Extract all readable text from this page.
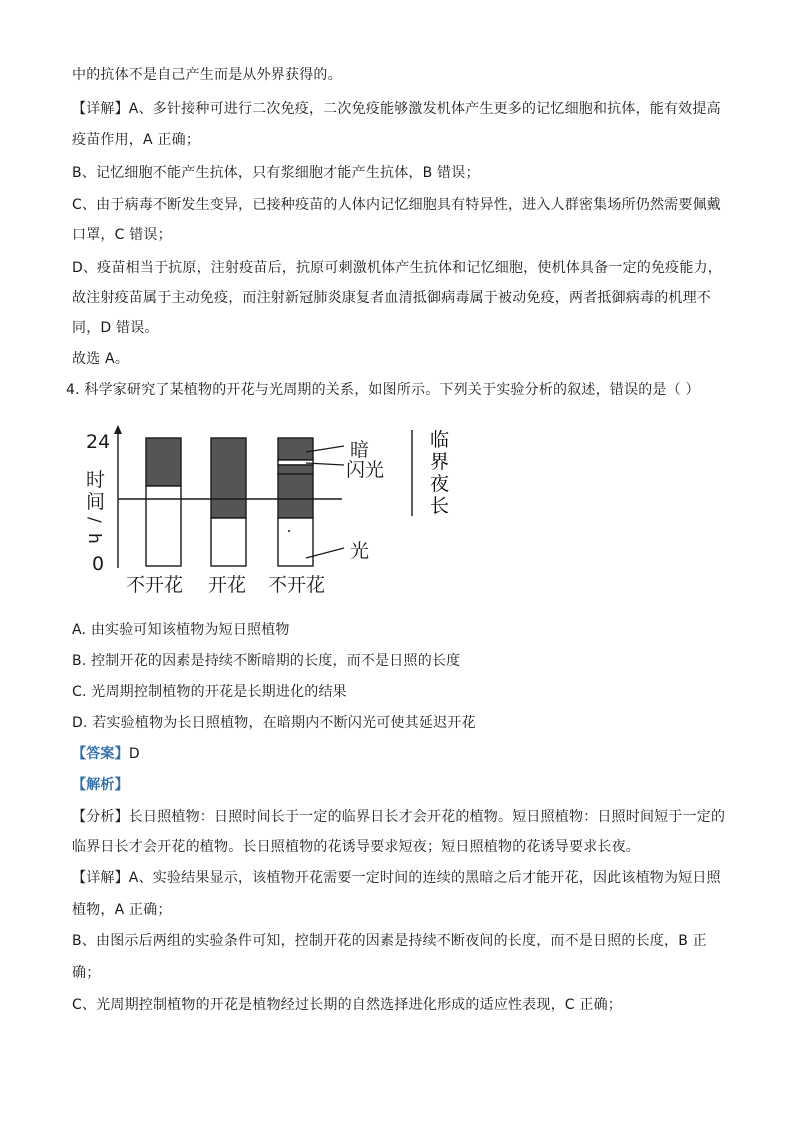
中的抗体不是自己产生而是从外界获得的。
【详解】A、多针接种可进行二次免疫，二次免疫能够激发机体产生更多的记忆细胞和抗体，能有效提高
疫苗作用，A 正确；
B、记忆细胞不能产生抗体，只有浆细胞才能产生抗体，B 错误；
C、由于病毒不断发生变异，已接种疫苗的人体内记忆细胞具有特异性，进入人群密集场所仍然需要佩戴
口罩，C 错误；
D、疫苗相当于抗原，注射疫苗后，抗原可刺激机体产生抗体和记忆细胞，使机体具备一定的免疫能力，
故注射疫苗属于主动免疫，而注射新冠肺炎康复者血清抵御病毒属于被动免疫，两者抵御病毒的机理不
同，D 错误。
故选 A。
4. 科学家研究了某植物的开花与光周期的关系，如图所示。下列关于实验分析的叙述，错误的是（ ）
24
0
时
间
/
h
暗
闪光
光
不开花 开花 不开花
临
界
夜
长
A. 由实验可知该植物为短日照植物
B. 控制开花的因素是持续不断暗期的长度，而不是日照的长度
C. 光周期控制植物的开花是长期进化的结果
D. 若实验植物为长日照植物，在暗期内不断闪光可使其延迟开花
【答案】D
【解析】
【分析】长日照植物：日照时间长于一定的临界日长才会开花的植物。短日照植物：日照时间短于一定的
临界日长才会开花的植物。长日照植物的花诱导要求短夜；短日照植物的花诱导要求长夜。
【详解】A、实验结果显示，该植物开花需要一定时间的连续的黑暗之后才能开花，因此该植物为短日照
植物，A 正确；
B、由图示后两组的实验条件可知，控制开花的因素是持续不断夜间的长度，而不是日照的长度，B 正
确；
C、光周期控制植物的开花是植物经过长期的自然选择进化形成的适应性表现，C 正确；
